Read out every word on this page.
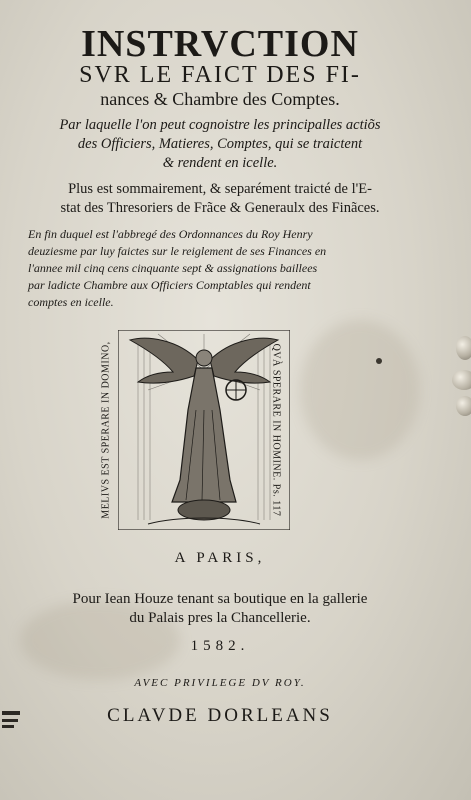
INSTRVCTION
SVR LE FAICT DES FI-
nances & Chambre des Comptes.
Par laquelle l'on peut cognoistre les principalles actiõs
des Officiers, Matieres, Comptes, qui se traictent
& rendent en icelle.
Plus est sommairement, & separément traicté de l'E-
stat des Thresoriers de Frãce & Generaulx des Finãces.
En fin duquel est l'abbregé des Ordonnances du Roy Henry
deuziesme par luy faictes sur le reiglement de ses Finances en
l'annee mil cinq cens cinquante sept & assignations baillees
par ladicte Chambre aux Officiers Comptables qui rendent
comptes en icelle.
MELIVS EST SPERARE IN DOMINO,	QVÀ SPERARE IN HOMINE. Ps. 117
A PARIS,
Pour Iean Houze tenant sa boutique en la gallerie
du Palais pres la Chancellerie.
1582.
AVEC PRIVILEGE DV ROY.
CLAVDE DORLEANS
